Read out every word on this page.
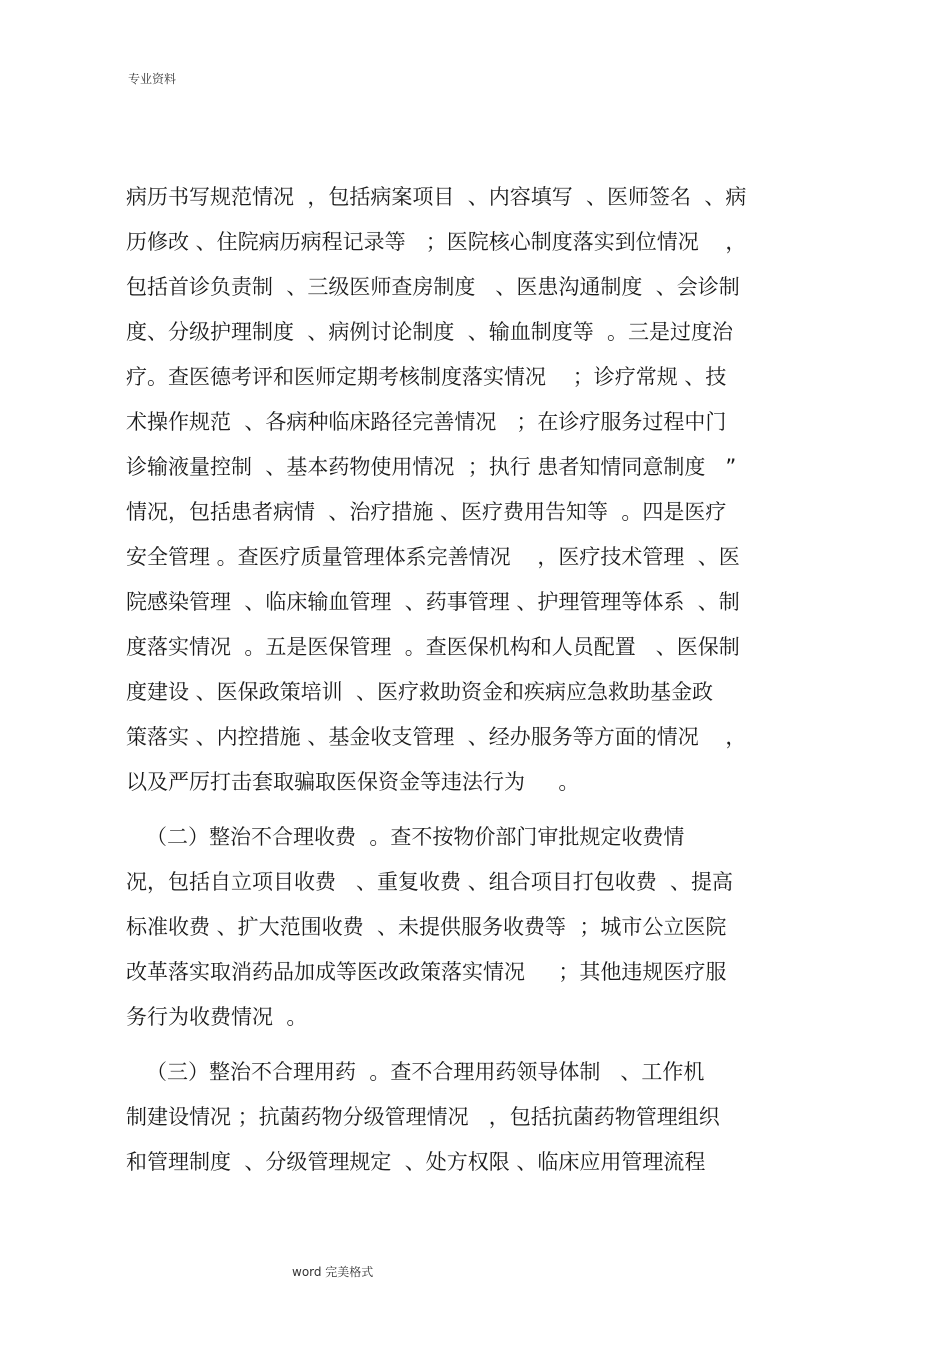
专业资料
病历书写规范情况  ，包括病案项目  、内容填写  、医师签名  、病
历修改 、住院病历病程记录等   ；医院核心制度落实到位情况    ，
包括首诊负责制  、三级医师查房制度   、医患沟通制度  、会诊制
度、分级护理制度  、病例讨论制度  、输血制度等  。三是过度治
疗。查医德考评和医师定期考核制度落实情况    ；诊疗常规 、技
术操作规范  、各病种临床路径完善情况   ；在诊疗服务过程中门
诊输液量控制  、基本药物使用情况  ；执行 患者知情同意制度   ”
情况，包括患者病情  、治疗措施 、医疗费用告知等  。四是医疗
安全管理 。查医疗质量管理体系完善情况    ，医疗技术管理  、医
院感染管理  、临床输血管理  、药事管理 、护理管理等体系  、制
度落实情况  。五是医保管理  。查医保机构和人员配置   、医保制
度建设 、医保政策培训  、医疗救助资金和疾病应急救助基金政
策落实 、内控措施 、基金收支管理  、经办服务等方面的情况    ，
以及严厉打击套取骗取医保资金等违法行为     。
（二）整治不合理收费  。查不按物价部门审批规定收费情
况，包括自立项目收费   、重复收费 、组合项目打包收费  、提高
标准收费 、扩大范围收费  、未提供服务收费等  ；城市公立医院
改革落实取消药品加成等医改政策落实情况     ；其他违规医疗服
务行为收费情况  。
（三）整治不合理用药  。查不合理用药领导体制   、工作机
制建设情况 ；抗菌药物分级管理情况   ，包括抗菌药物管理组织
和管理制度  、分级管理规定  、处方权限 、临床应用管理流程
word 完美格式
